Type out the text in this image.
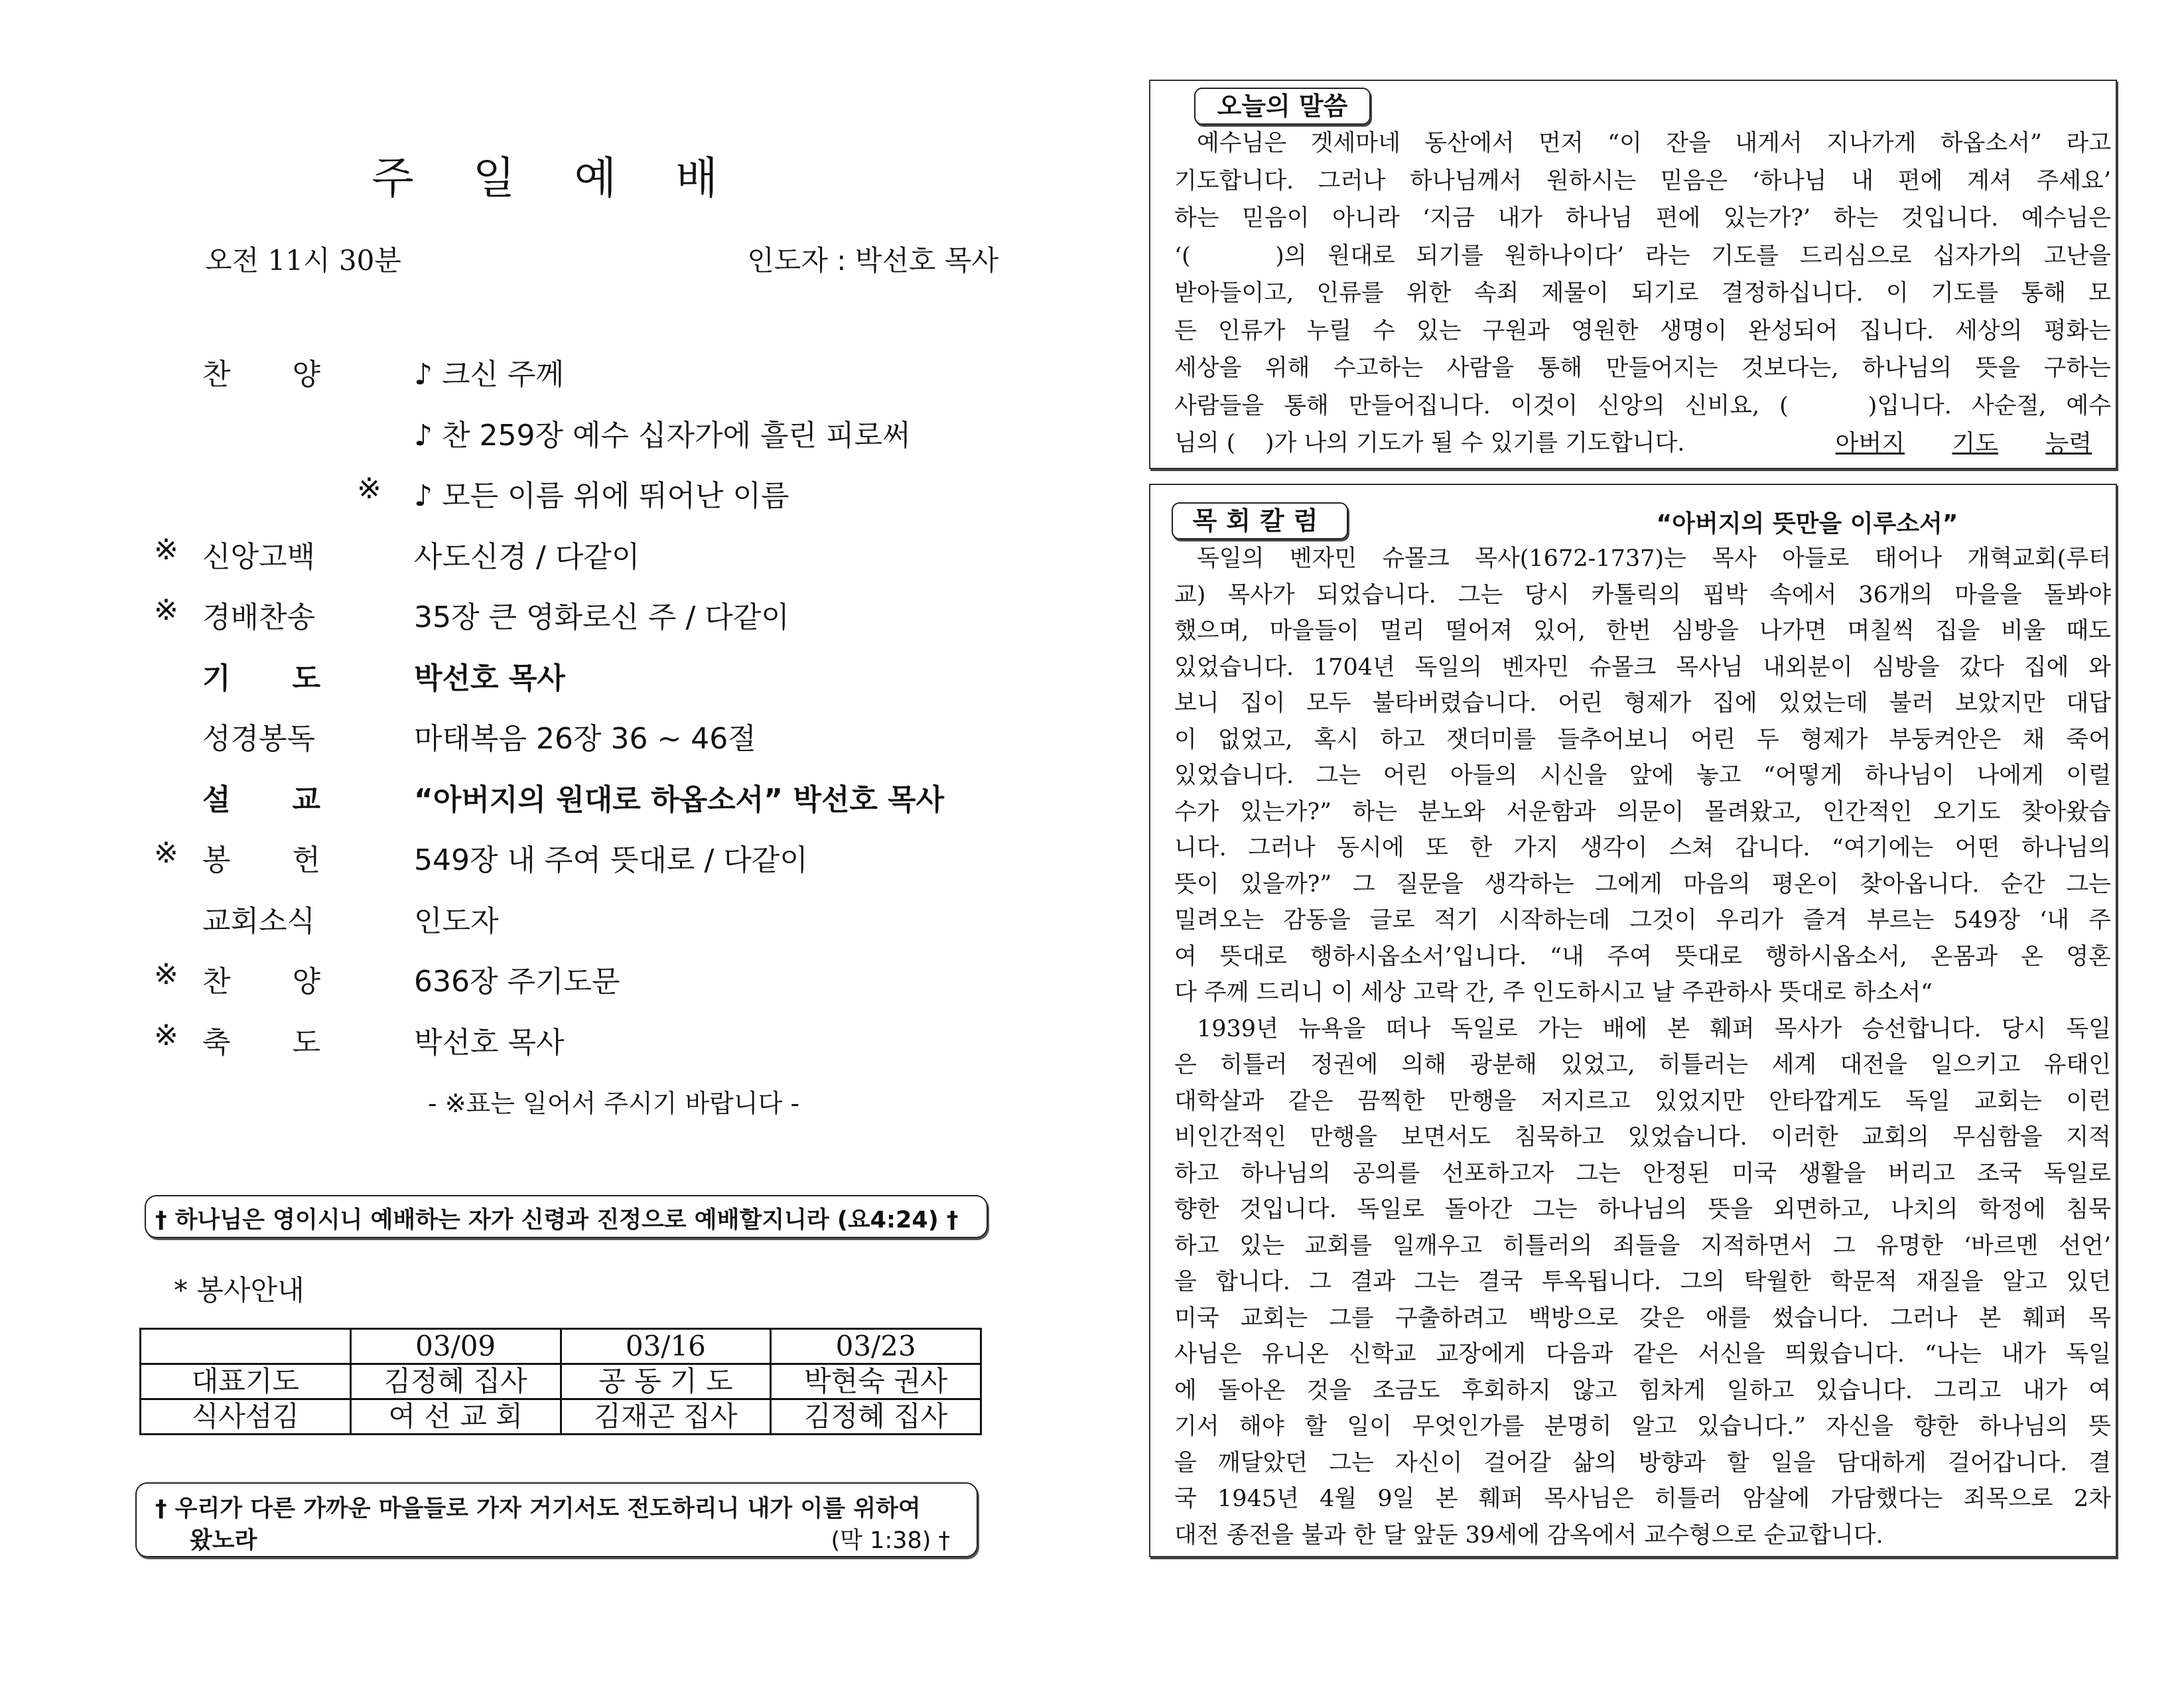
주 일 예 배
오전 11시 30분	인도자 : 박선호 목사
찬 양	♪ 크신 주께
♪ 찬 259장 예수 십자가에 흘린 피로써
※ ♪ 모든 이름 위에 뛰어난 이름
※ 신앙고백	사도신경 / 다같이
※ 경배찬송	35장 큰 영화로신 주 / 다같이
기 도	박선호 목사
성경봉독	마태복음 26장 36 ~ 46절
설 교	“아버지의 원대로 하옵소서” 박선호 목사
※ 봉 헌	549장 내 주여 뜻대로 / 다같이
교회소식	인도자
※ 찬 양	636장 주기도문
※ 축 도	박선호 목사
- ※표는 일어서 주시기 바랍니다 -
† 하나님은 영이시니 예배하는 자가 신령과 진정으로 예배할지니라 (요4:24) †
* 봉사안내
	03/09	03/16	03/23
대표기도	김정혜 집사	공 동 기 도	박현숙 권사
식사섬김	여 선 교 회	김재곤 집사	김정혜 집사
† 우리가 다른 가까운 마을들로 가자 거기서도 전도하리니 내가 이를 위하여
왔노라	(막 1:38) †
오늘의 말씀
예수님은 겟세마네 동산에서 먼저 “이 잔을 내게서 지나가게 하옵소서” 라고
기도합니다. 그러나 하나님께서 원하시는 믿음은 ‘하나님 내 편에 계셔 주세요’
하는 믿음이 아니라 ‘지금 내가 하나님 편에 있는가?’ 하는 것입니다. 예수님은
‘(    )의 원대로 되기를 원하나이다’ 라는 기도를 드리심으로 십자가의 고난을
받아들이고, 인류를 위한 속죄 제물이 되기로 결정하십니다. 이 기도를 통해 모
든 인류가 누릴 수 있는 구원과 영원한 생명이 완성되어 집니다. 세상의 평화는
세상을 위해 수고하는 사람을 통해 만들어지는 것보다는, 하나님의 뜻을 구하는
사람들을 통해 만들어집니다. 이것이 신앙의 신비요, (    )입니다. 사순절, 예수
님의 (    )가 나의 기도가 될 수 있기를 기도합니다.	아버지 기도 능력
목회칼럼	“아버지의 뜻만을 이루소서”
독일의 벤자민 슈몰크 목사(1672-1737)는 목사 아들로 태어나 개혁교회(루터
교) 목사가 되었습니다. 그는 당시 카톨릭의 핍박 속에서 36개의 마을을 돌봐야
했으며, 마을들이 멀리 떨어져 있어, 한번 심방을 나가면 며칠씩 집을 비울 때도
있었습니다. 1704년 독일의 벤자민 슈몰크 목사님 내외분이 심방을 갔다 집에 와
보니 집이 모두 불타버렸습니다. 어린 형제가 집에 있었는데 불러 보았지만 대답
이 없었고, 혹시 하고 잿더미를 들추어보니 어린 두 형제가 부둥켜안은 채 죽어
있었습니다. 그는 어린 아들의 시신을 앞에 놓고 “어떻게 하나님이 나에게 이럴
수가 있는가?” 하는 분노와 서운함과 의문이 몰려왔고, 인간적인 오기도 찾아왔습
니다. 그러나 동시에 또 한 가지 생각이 스쳐 갑니다. “여기에는 어떤 하나님의
뜻이 있을까?” 그 질문을 생각하는 그에게 마음의 평온이 찾아옵니다. 순간 그는
밀려오는 감동을 글로 적기 시작하는데 그것이 우리가 즐겨 부르는 549장 ‘내 주
여 뜻대로 행하시옵소서’입니다. “내 주여 뜻대로 행하시옵소서, 온몸과 온 영혼
다 주께 드리니 이 세상 고락 간, 주 인도하시고 날 주관하사 뜻대로 하소서“
1939년 뉴욕을 떠나 독일로 가는 배에 본 훼퍼 목사가 승선합니다. 당시 독일
은 히틀러 정권에 의해 광분해 있었고, 히틀러는 세계 대전을 일으키고 유태인
대학살과 같은 끔찍한 만행을 저지르고 있었지만 안타깝게도 독일 교회는 이런
비인간적인 만행을 보면서도 침묵하고 있었습니다. 이러한 교회의 무심함을 지적
하고 하나님의 공의를 선포하고자 그는 안정된 미국 생활을 버리고 조국 독일로
향한 것입니다. 독일로 돌아간 그는 하나님의 뜻을 외면하고, 나치의 학정에 침묵
하고 있는 교회를 일깨우고 히틀러의 죄들을 지적하면서 그 유명한 ‘바르멘 선언’
을 합니다. 그 결과 그는 결국 투옥됩니다. 그의 탁월한 학문적 재질을 알고 있던
미국 교회는 그를 구출하려고 백방으로 갖은 애를 썼습니다. 그러나 본 훼퍼 목
사님은 유니온 신학교 교장에게 다음과 같은 서신을 띄웠습니다. “나는 내가 독일
에 돌아온 것을 조금도 후회하지 않고 힘차게 일하고 있습니다. 그리고 내가 여
기서 해야 할 일이 무엇인가를 분명히 알고 있습니다.” 자신을 향한 하나님의 뜻
을 깨달았던 그는 자신이 걸어갈 삶의 방향과 할 일을 담대하게 걸어갑니다. 결
국 1945년 4월 9일 본 훼퍼 목사님은 히틀러 암살에 가담했다는 죄목으로 2차
대전 종전을 불과 한 달 앞둔 39세에 감옥에서 교수형으로 순교합니다.
